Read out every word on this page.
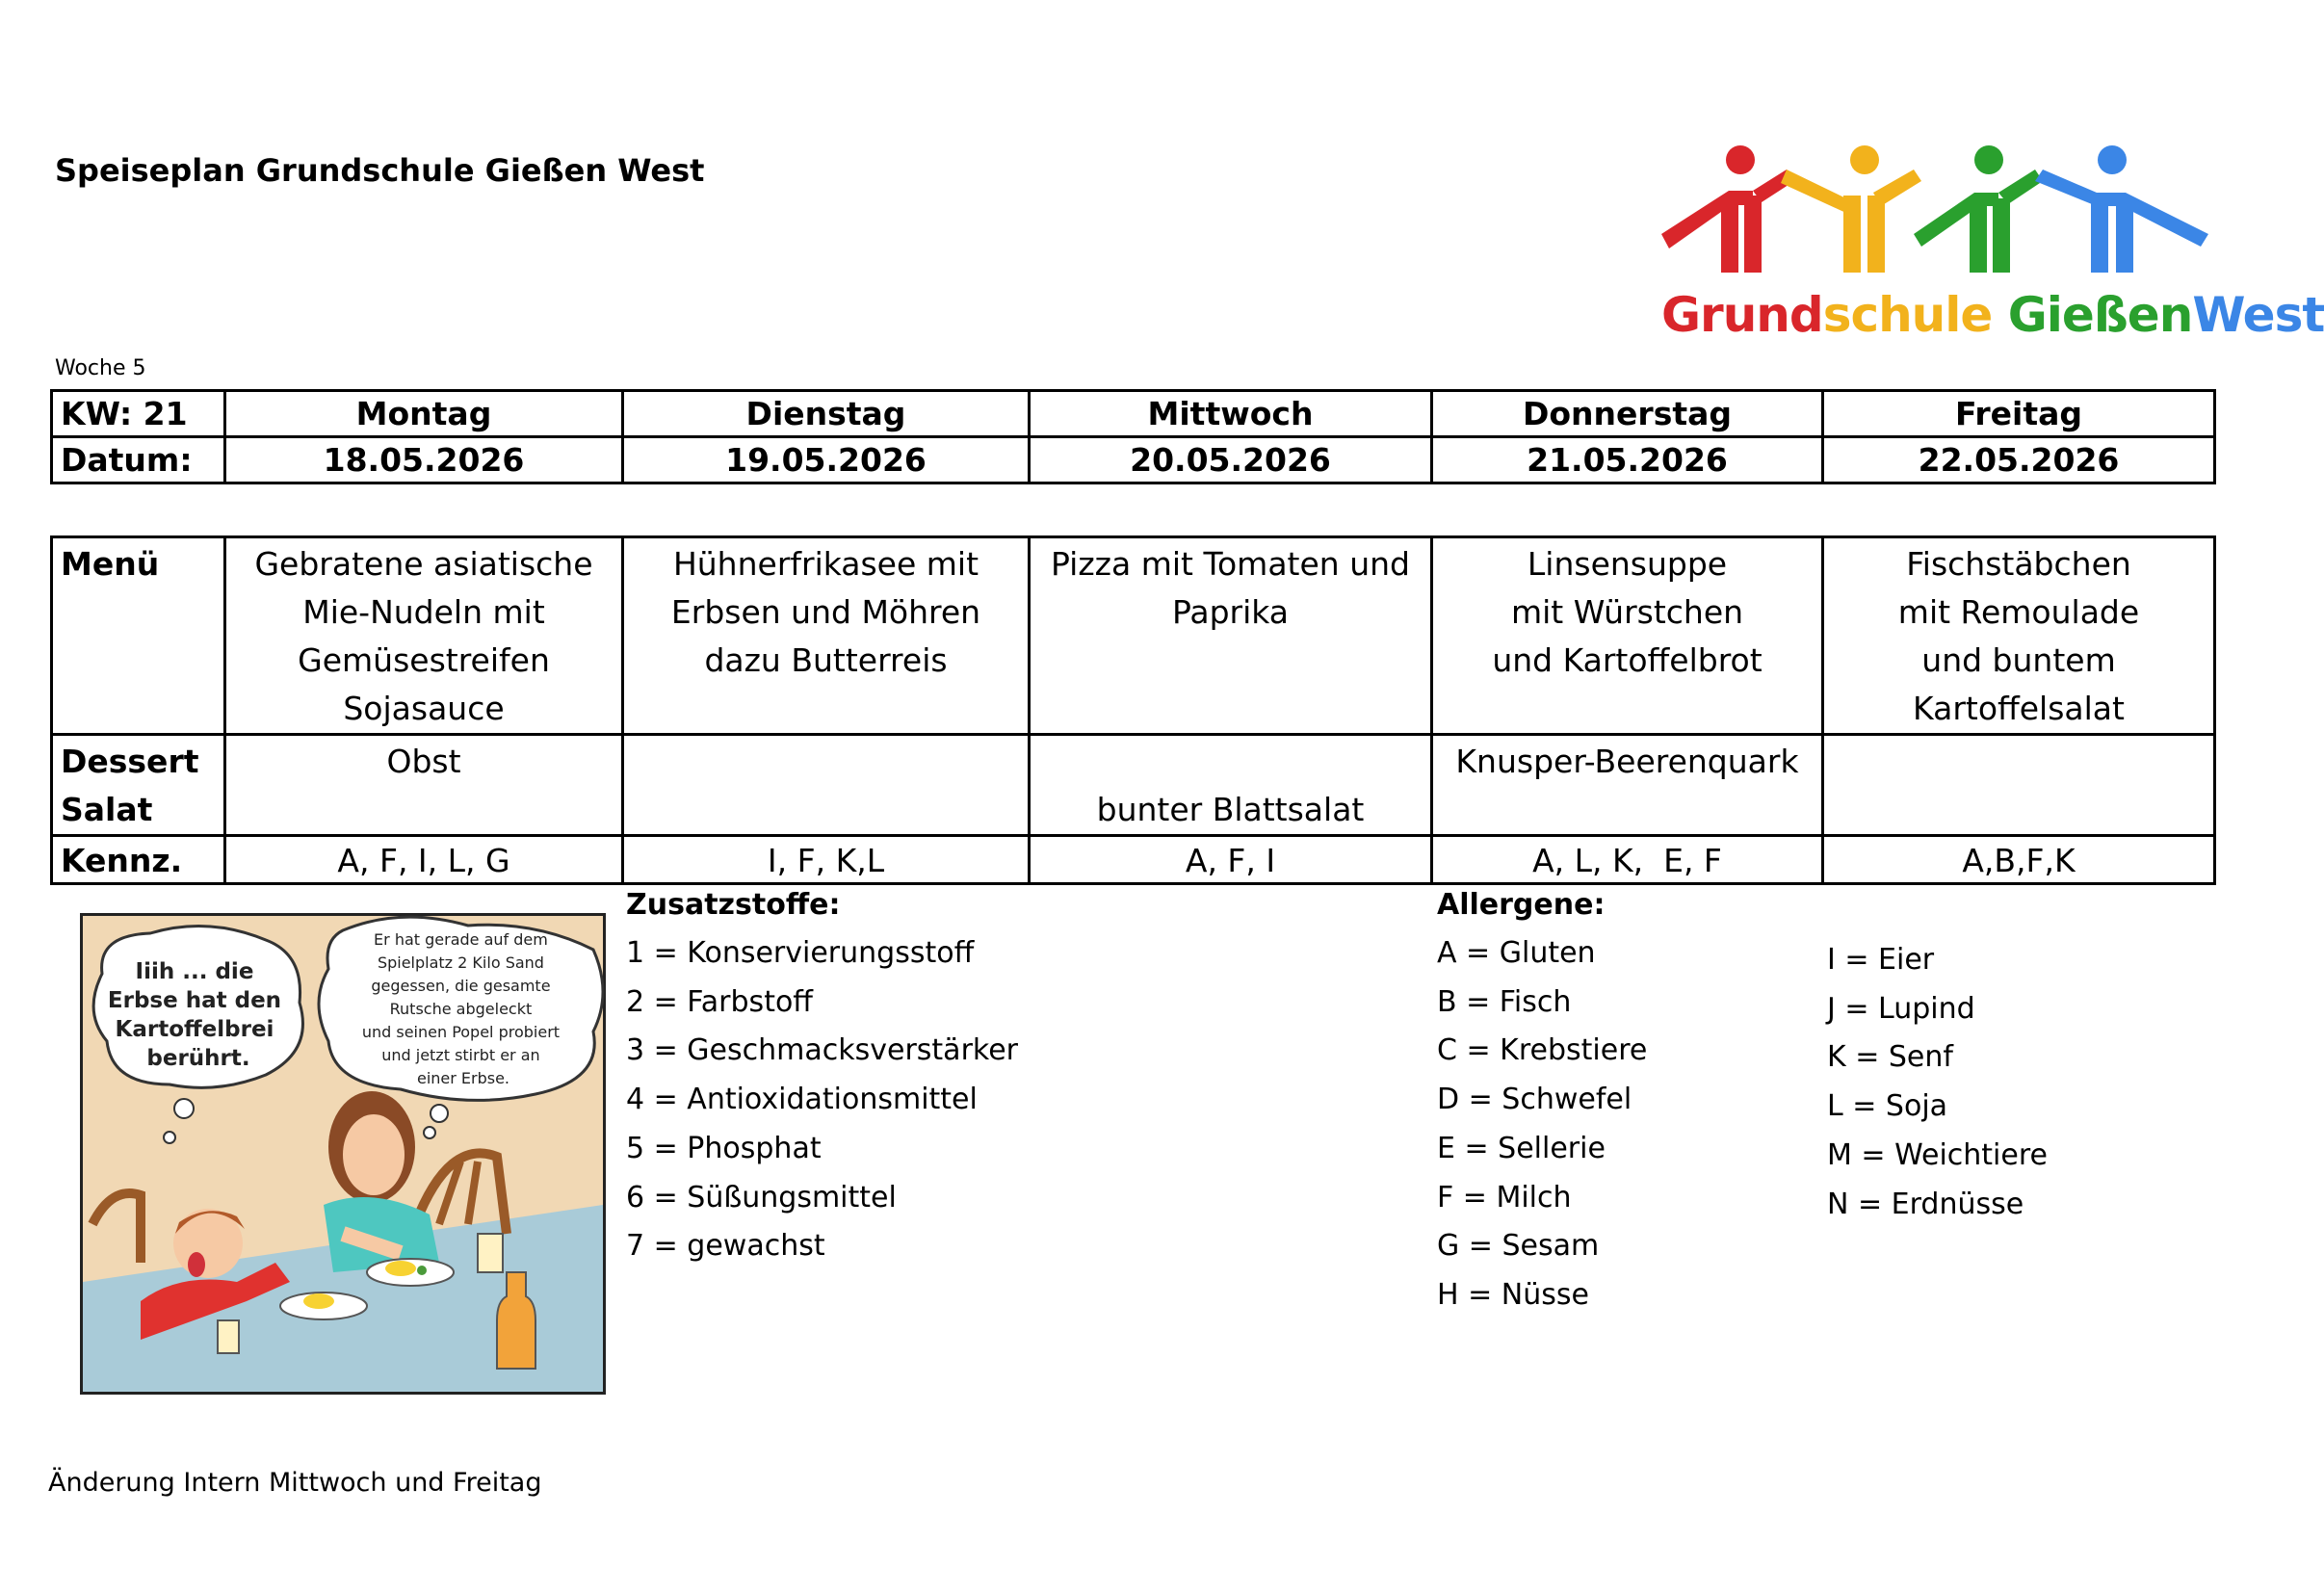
Speiseplan Grundschule Gießen West
Grundschule GießenWest
Woche 5
KW: 21	Montag	Dienstag	Mittwoch	Donnerstag	Freitag
Datum:	18.05.2026	19.05.2026	20.05.2026	21.05.2026	22.05.2026
Menü	Gebratene asiatische
Mie-Nudeln mit
Gemüsestreifen
Sojasauce	Hühnerfrikasee mit
Erbsen und Möhren
dazu Butterreis	Pizza mit Tomaten und
Paprika	Linsensuppe
mit Würstchen
und Kartoffelbrot	Fischstäbchen
mit Remoulade
und buntem
Kartoffelsalat

Dessert
Salat	Obst		bunter Blattsalat	Knusper-Beerenquark	

Kennz.	A, F, I, L, G	I, F, K,L	A, F, I	A, L, K,  E, F	A,B,F,K
Iiih ... die Erbse hat den Kartoffelbrei berührt.
Er hat gerade auf dem Spielplatz 2 Kilo Sand gegessen, die gesamte Rutsche abgeleckt und seinen Popel probiert und jetzt stirbt er an einer Erbse.
Zusatzstoffe:
1 = Konservierungsstoff
2 = Farbstoff
3 = Geschmacksverstärker
4 = Antioxidationsmittel
5 = Phosphat
6 = Süßungsmittel
7 = gewachst
Allergene:
A = Gluten
B = Fisch
C = Krebstiere
D = Schwefel
E = Sellerie
F = Milch
G = Sesam
H = Nüsse
I = Eier
J = Lupind
K = Senf
L = Soja
M = Weichtiere
N = Erdnüsse
Änderung Intern Mittwoch und Freitag
